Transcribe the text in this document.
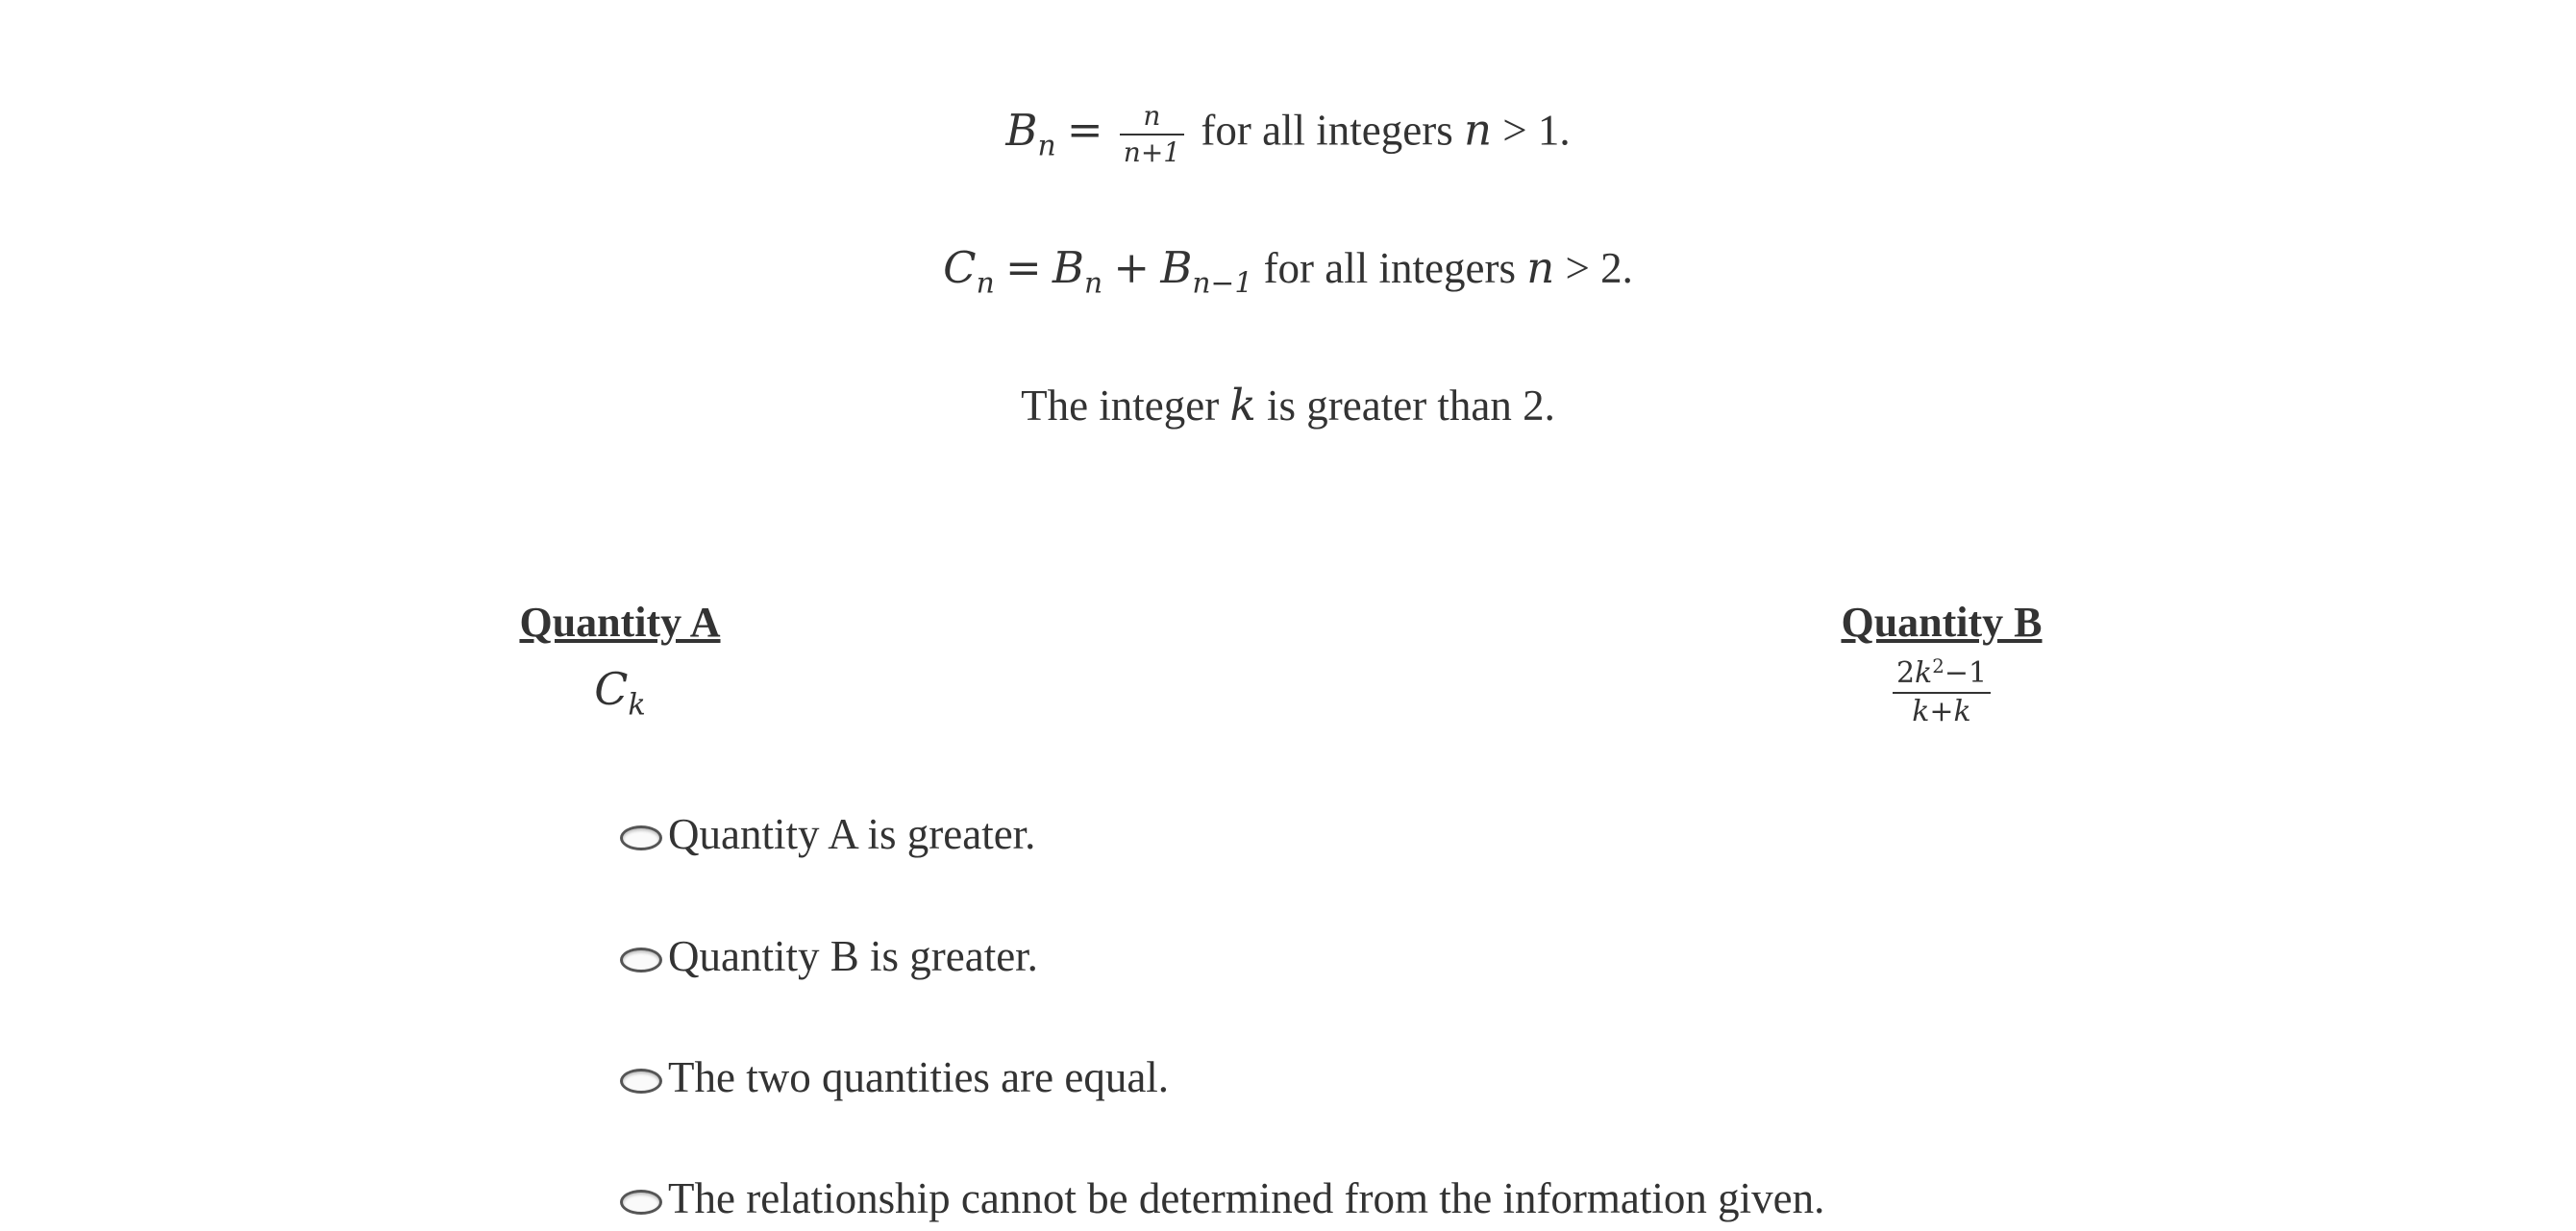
$B_n = \frac{n}{n+1}$ for all integers n > 1.
$C_n = B_n + B_{n-1}$ for all integers n > 2.
The integer k is greater than 2.
Quantity A
$C_k$
Quantity B
$\frac{2k^2-1}{k+k}$
Quantity A is greater.
Quantity B is greater.
The two quantities are equal.
The relationship cannot be determined from the information given.
